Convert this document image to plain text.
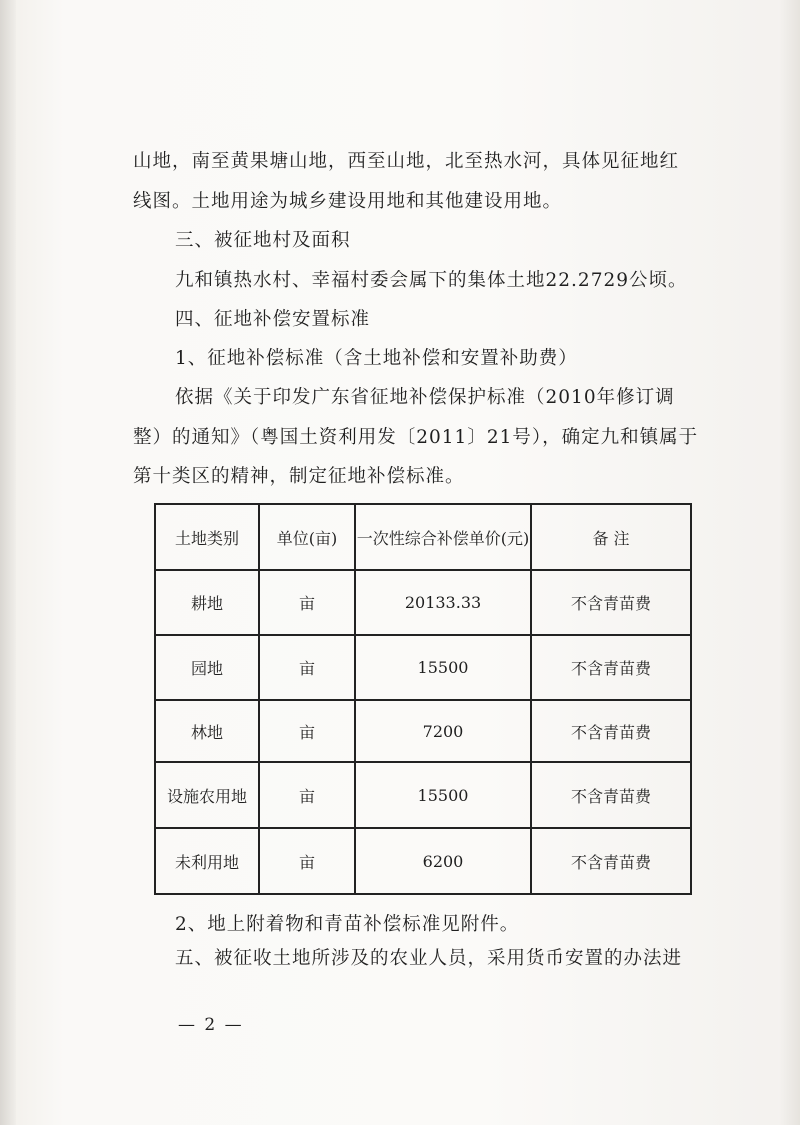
山地，南至黄果塘山地，西至山地，北至热水河，具体见征地红
线图。土地用途为城乡建设用地和其他建设用地。
三、被征地村及面积
九和镇热水村、幸福村委会属下的集体土地22.2729公顷。
四、征地补偿安置标准
1、征地补偿标准（含土地补偿和安置补助费）
依据《关于印发广东省征地补偿保护标准（2010年修订调
整）的通知》（粤国土资利用发〔2011〕21号），确定九和镇属于
第十类区的精神，制定征地补偿标准。
土地类别	单位(亩)	一次性综合补偿单价(元)	备 注
耕地	亩	20133.33	不含青苗费
园地	亩	15500	不含青苗费
林地	亩	7200	不含青苗费
设施农用地	亩	15500	不含青苗费
未利用地	亩	6200	不含青苗费
2、地上附着物和青苗补偿标准见附件。
五、被征收土地所涉及的农业人员，采用货币安置的办法进
— 2 —
